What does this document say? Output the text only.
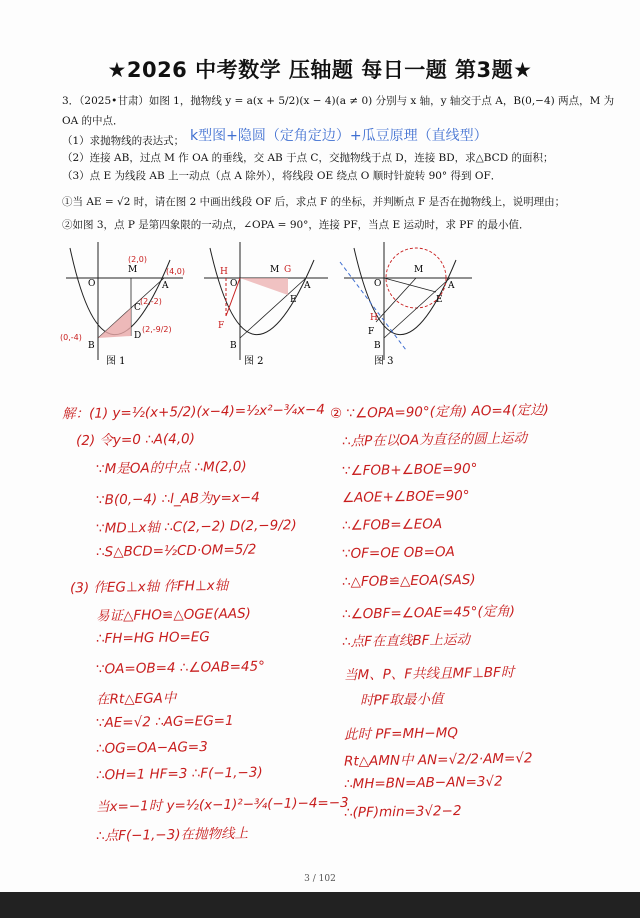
★2026 中考数学 压轴题 每日一题 第3题★
3．（2025•甘肃）如图 1，抛物线 y = a(x + 5/2)(x − 4)(a ≠ 0) 分别与 x 轴，y 轴交于点 A，B(0,−4) 两点，M 为
OA 的中点．
（1）求抛物线的表达式； k型图+隐圆（定角定边）+瓜豆原理（直线型）
（2）连接 AB，过点 M 作 OA 的垂线，交 AB 于点 C，交抛物线于点 D，连接 BD，求△BCD 的面积；
（3）点 E 为线段 AB 上一动点（点 A 除外），将线段 OE 绕点 O 顺时针旋转 90° 得到 OF．
①当 AE = √2 时，请在图 2 中画出线段 OF 后，求点 F 的坐标，并判断点 F 是否在抛物线上，说明理由；
②如图 3，点 P 是第四象限的一动点，∠OPA = 90°，连接 PF，当点 E 运动时，求 PF 的最小值．
O
M
A
C
D
B
(2,0)
(4,0)
(2,-2)
(2,-9/2)
(0,-4)
图 1
O
M G
A
E
H
F
B
图 2
O
M
A
E
H
F
B
图 3
解：(1) y=½(x+5/2)(x−4)=½x²−¾x−4
(2) 令y=0 ∴A(4,0)
∵M是OA的中点 ∴M(2,0)
∵B(0,−4) ∴l_AB为y=x−4
∵MD⊥x轴 ∴C(2,−2) D(2,−9/2)
∴S△BCD=½CD·OM=5/2
(3) 作EG⊥x轴 作FH⊥x轴
易证△FHO≌△OGE(AAS)
∴FH=HG HO=EG
∵OA=OB=4 ∴∠OAB=45°
在Rt△EGA中
∵AE=√2 ∴AG=EG=1
∴OG=OA−AG=3
∴OH=1 HF=3 ∴F(−1,−3)
当x=−1时 y=½(x−1)²−¾(−1)−4=−3
∴点F(−1,−3)在抛物线上
② ∵∠OPA=90°(定角) AO=4(定边)
∴点P在以OA为直径的圆上运动
∵∠FOB+∠BOE=90°
∠AOE+∠BOE=90°
∴∠FOB=∠EOA
∵OF=OE OB=OA
∴△FOB≌△EOA(SAS)
∴∠OBF=∠OAE=45°(定角)
∴点F在直线BF上运动
当M、P、F共线且MF⊥BF时
时PF取最小值
此时 PF=MH−MQ
Rt△AMN中 AN=√2/2·AM=√2
∴MH=BN=AB−AN=3√2
∴(PF)min=3√2−2
3 / 102
